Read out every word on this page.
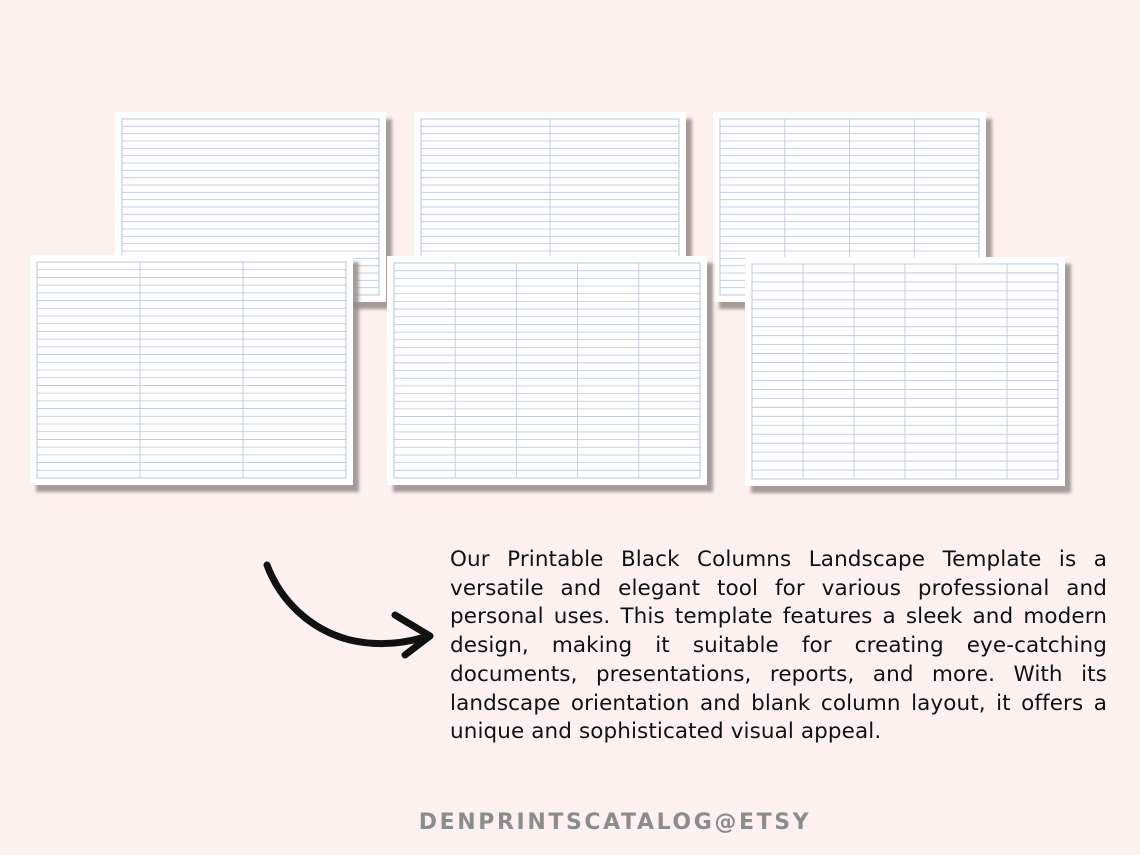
Our Printable Black Columns Landscape Template is a versatile and elegant tool for various professional and personal uses. This template features a sleek and modern design, making it suitable for creating eye-catching documents, presentations, reports, and more. With its landscape orientation and blank column layout, it offers a unique and sophisticated visual appeal.

DENPRINTSCATALOG@ETSY
